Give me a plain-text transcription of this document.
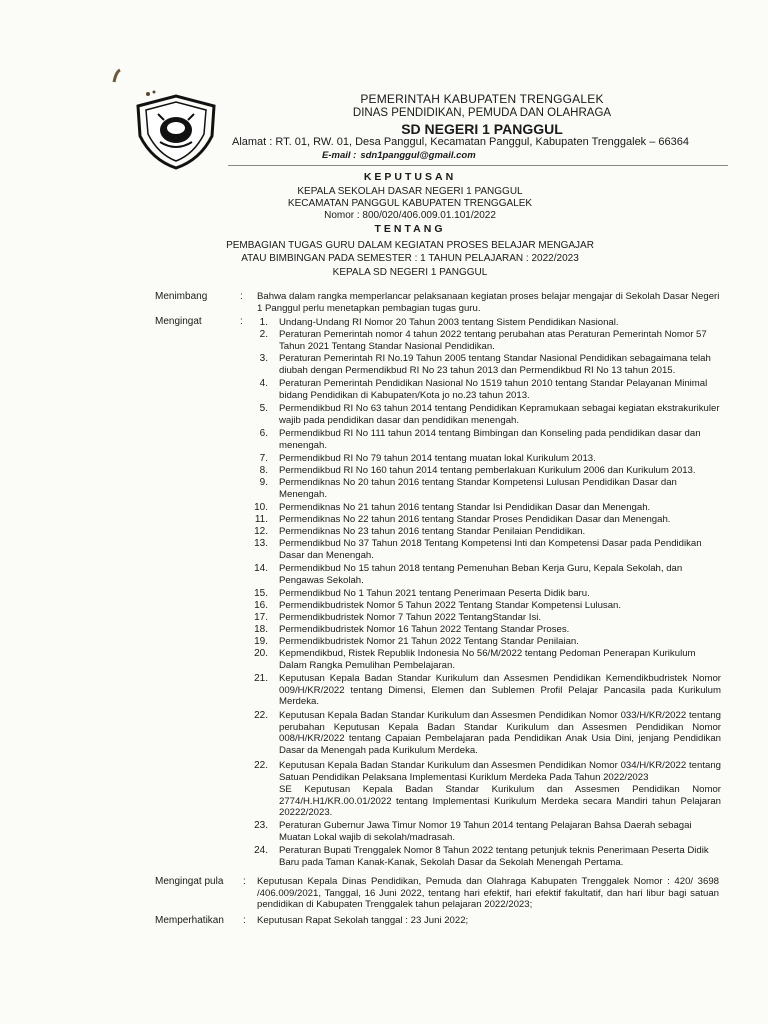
PEMERINTAH KABUPATEN TRENGGALEK
DINAS PENDIDIKAN, PEMUDA DAN OLAHRAGA
SD NEGERI 1 PANGGUL
Alamat : RT. 01, RW. 01, Desa Panggul, Kecamatan Panggul, Kabupaten Trenggalek – 66364
E-mail : sdn1panggul@gmail.com
KEPUTUSAN
KEPALA SEKOLAH DASAR NEGERI 1 PANGGUL
KECAMATAN PANGGUL KABUPATEN TRENGGALEK
Nomor : 800/020/406.009.01.101/2022
TENTANG
PEMBAGIAN TUGAS GURU DALAM KEGIATAN PROSES BELAJAR MENGAJAR
ATAU BIMBINGAN PADA SEMESTER : 1 TAHUN PELAJARAN : 2022/2023
KEPALA SD NEGERI 1 PANGGUL
Menimbang	: Bahwa dalam rangka memperlancar pelaksanaan kegiatan proses belajar mengajar di Sekolah Dasar Negeri 1 Panggul perlu menetapkan pembagian tugas guru.
Mengingat	:	1. Undang-Undang RI Nomor 20 Tahun 2003 tentang Sistem Pendidikan Nasional.
2. Peraturan Pemerintah nomor 4 tahun 2022 tentang perubahan atas Peraturan Pemerintah Nomor 57 Tahun 2021 Tentang Standar Nasional Pendidikan.
3. Peraturan Pemerintah RI No.19 Tahun 2005 tentang Standar Nasional Pendidikan sebagaimana telah diubah dengan Permendikbud RI No 23 tahun 2013 dan Permendikbud RI No 13 tahun 2015.
4. Peraturan Pemerintah Pendidikan Nasional No 1519 tahun 2010 tentang Standar Pelayanan Minimal bidang Pendidikan di Kabupaten/Kota jo no.23 tahun 2013.
5. Permendikbud RI No 63 tahun 2014 tentang Pendidikan Kepramukaan sebagai kegiatan ekstrakurikuler wajib pada pendidikan dasar dan pendidikan menengah.
6. Permendikbud RI No 111 tahun 2014 tentang Bimbingan dan Konseling pada pendidikan dasar dan menengah.
7. Permendikbud RI No 79 tahun 2014 tentang muatan lokal Kurikulum 2013.
8. Permendikbud RI No 160 tahun 2014 tentang pemberlakuan Kurikulum 2006 dan Kurikulum 2013.
9. Permendiknas No 20 tahun 2016 tentang Standar Kompetensi Lulusan Pendidikan Dasar dan Menengah.
10. Permendiknas No 21 tahun 2016 tentang Standar Isi Pendidikan Dasar dan Menengah.
11. Permendiknas No 22 tahun 2016 tentang Standar Proses Pendidikan Dasar dan Menengah.
12. Permendiknas No 23 tahun 2016 tentang Standar Penilaian Pendidikan.
13. Permendikbud No 37 Tahun 2018 Tentang Kompetensi Inti dan Kompetensi Dasar pada Pendidikan Dasar dan Menengah.
14. Permendikbud No 15 tahun 2018 tentang Pemenuhan Beban Kerja Guru, Kepala Sekolah, dan Pengawas Sekolah.
15. Permendikbud No 1 Tahun 2021 tentang Penerimaan Peserta Didik baru.
16. Permendikbudristek Nomor 5 Tahun 2022 Tentang Standar Kompetensi Lulusan.
17. Permendikbudristek Nomor 7 Tahun 2022 TentangStandar Isi.
18. Permendikbudristek Nomor 16 Tahun 2022 Tentang Standar Proses.
19. Permendikbudristek Nomor 21 Tahun 2022 Tentang Standar Penilaian.
20. Kepmendikbud, Ristek Republik Indonesia No 56/M/2022 tentang Pedoman Penerapan Kurikulum Dalam Rangka Pemulihan Pembelajaran.
21. Keputusan Kepala Badan Standar Kurikulum dan Assesmen Pendidikan Kemendikbudristek Nomor 009/H/KR/2022 tentang Dimensi, Elemen dan Sublemen Profil Pelajar Pancasila pada Kurikulum Merdeka.
22. Keputusan Kepala Badan Standar Kurikulum dan Assesmen Pendidikan Nomor 033/H/KR/2022 tentang perubahan Keputusan Kepala Badan Standar Kurikulum dan Assesmen Pendidikan Nomor 008/H/KR/2022 tentang Capaian Pembelajaran pada Pendidikan Anak Usia Dini, jenjang Pendidikan Dasar da Menengah pada Kurikulum Merdeka.
22. Keputusan Kepala Badan Standar Kurikulum dan Assesmen Pendidikan Nomor 034/H/KR/2022 tentang Satuan Pendidikan Pelaksana Implementasi Kuriklum Merdeka Pada Tahun 2022/2023
SE Keputusan Kepala Badan Standar Kurikulum dan Assesmen Pendidikan Nomor 2774/H.H1/KR.00.01/2022 tentang Implementasi Kurikulum Merdeka secara Mandiri tahun Pelajaran 20222/2023.
23. Peraturan Gubernur Jawa Timur Nomor 19 Tahun 2014 tentang Pelajaran Bahsa Daerah sebagai Muatan Lokal wajib di sekolah/madrasah.
24. Peraturan Bupati Trenggalek Nomor 8 Tahun 2022 tentang petunjuk teknis Penerimaan Peserta Didik Baru pada Taman Kanak-Kanak, Sekolah Dasar da Sekolah Menengah Pertama.
Mengingat pula : Keputusan Kepala Dinas Pendidikan, Pemuda dan Olahraga Kabupaten Trenggalek Nomor : 420/ 3698 /406.009/2021, Tanggal, 16 Juni 2022, tentang hari efektif, hari efektif fakultatif, dan hari libur bagi satuan pendidikan di Kabupaten Trenggalek tahun pelajaran 2022/2023;
Memperhatikan : Keputusan Rapat Sekolah tanggal : 23 Juni 2022;
